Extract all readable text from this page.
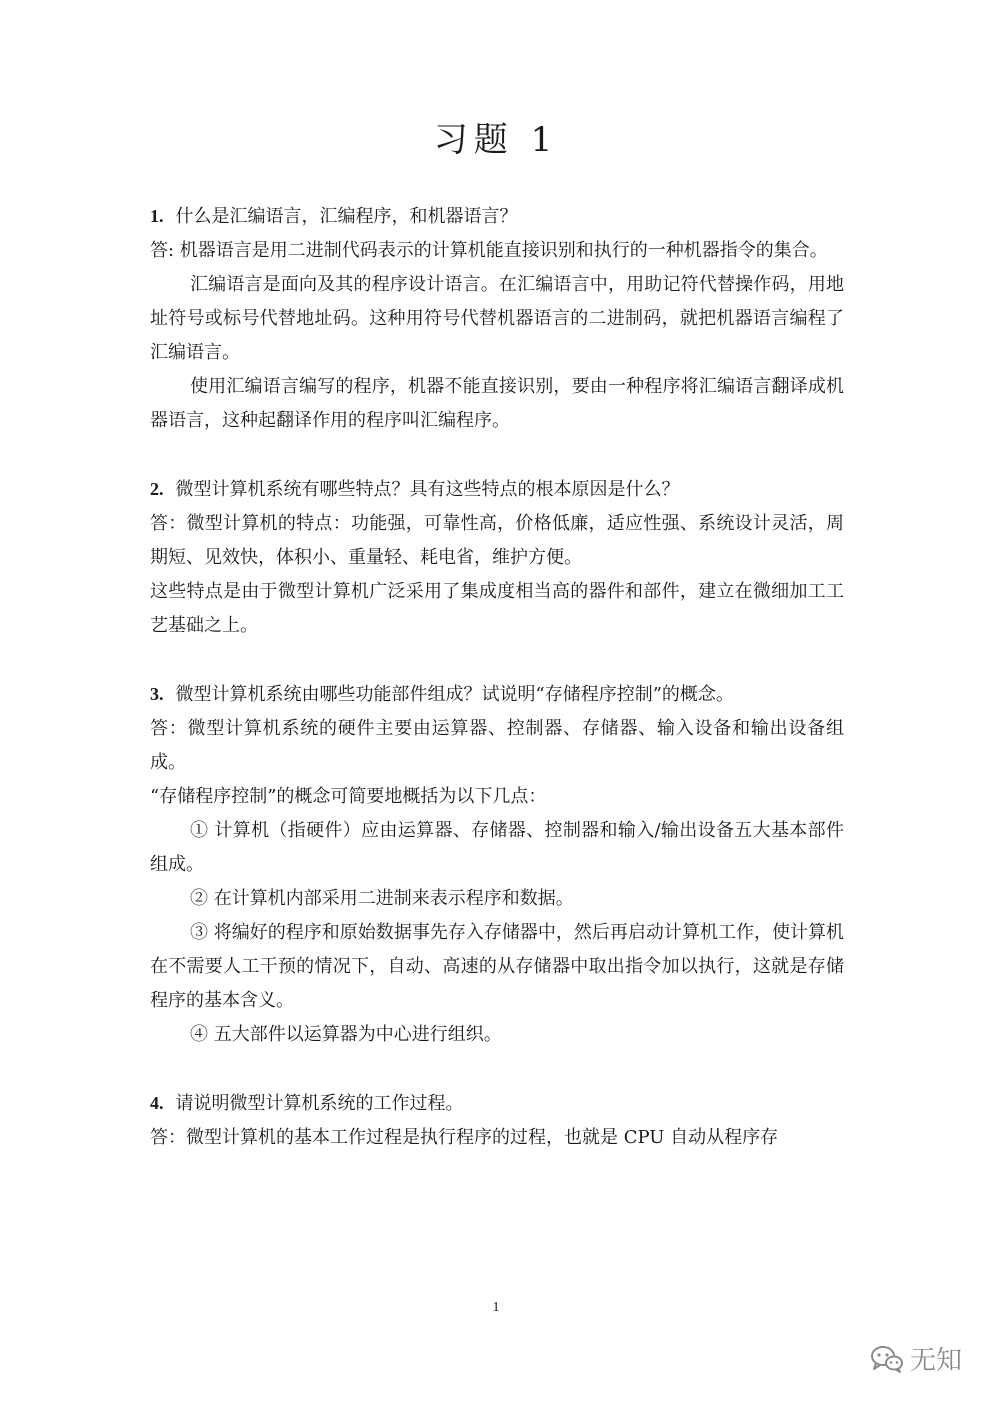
习题 1

1. 什么是汇编语言，汇编程序，和机器语言？

答: 机器语言是用二进制代码表示的计算机能直接识别和执行的一种机器指令的集合。

汇编语言是面向及其的程序设计语言。在汇编语言中，用助记符代替操作码，用地址符号或标号代替地址码。这种用符号代替机器语言的二进制码，就把机器语言编程了汇编语言。

使用汇编语言编写的程序，机器不能直接识别，要由一种程序将汇编语言翻译成机器语言，这种起翻译作用的程序叫汇编程序。

2. 微型计算机系统有哪些特点？具有这些特点的根本原因是什么？

答：微型计算机的特点：功能强，可靠性高，价格低廉，适应性强、系统设计灵活，周期短、见效快，体积小、重量轻、耗电省，维护方便。

这些特点是由于微型计算机广泛采用了集成度相当高的器件和部件，建立在微细加工工艺基础之上。

3. 微型计算机系统由哪些功能部件组成？试说明“存储程序控制”的概念。

答：微型计算机系统的硬件主要由运算器、控制器、存储器、输入设备和输出设备组成。

“存储程序控制”的概念可简要地概括为以下几点：

① 计算机（指硬件）应由运算器、存储器、控制器和输入/输出设备五大基本部件组成。

② 在计算机内部采用二进制来表示程序和数据。

③ 将编好的程序和原始数据事先存入存储器中，然后再启动计算机工作，使计算机在不需要人工干预的情况下，自动、高速的从存储器中取出指令加以执行，这就是存储程序的基本含义。

④ 五大部件以运算器为中心进行组织。

4. 请说明微型计算机系统的工作过程。

答：微型计算机的基本工作过程是执行程序的过程，也就是 CPU 自动从程序存

1
无知
